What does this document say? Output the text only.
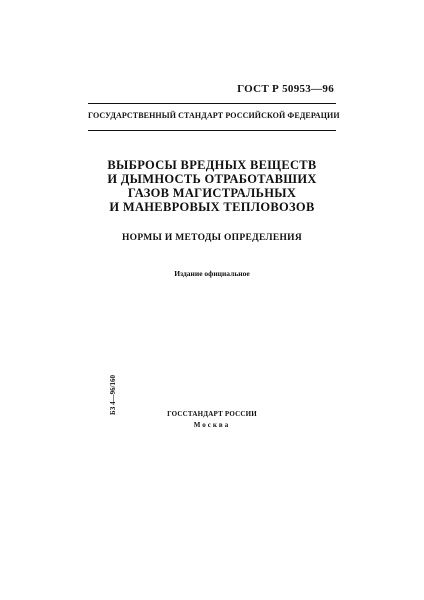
ГОСТ Р 50953—96
ГОСУДАРСТВЕННЫЙ СТАНДАРТ РОССИЙСКОЙ ФЕДЕРАЦИИ
ВЫБРОСЫ ВРЕДНЫХ ВЕЩЕСТВ
И ДЫМНОСТЬ ОТРАБОТАВШИХ
ГАЗОВ МАГИСТРАЛЬНЫХ
И МАНЕВРОВЫХ ТЕПЛОВОЗОВ
НОРМЫ И МЕТОДЫ ОПРЕДЕЛЕНИЯ
Издание официальное
БЗ 4—96/160	ГОССТАНДАРТ РОССИИ
Москва
